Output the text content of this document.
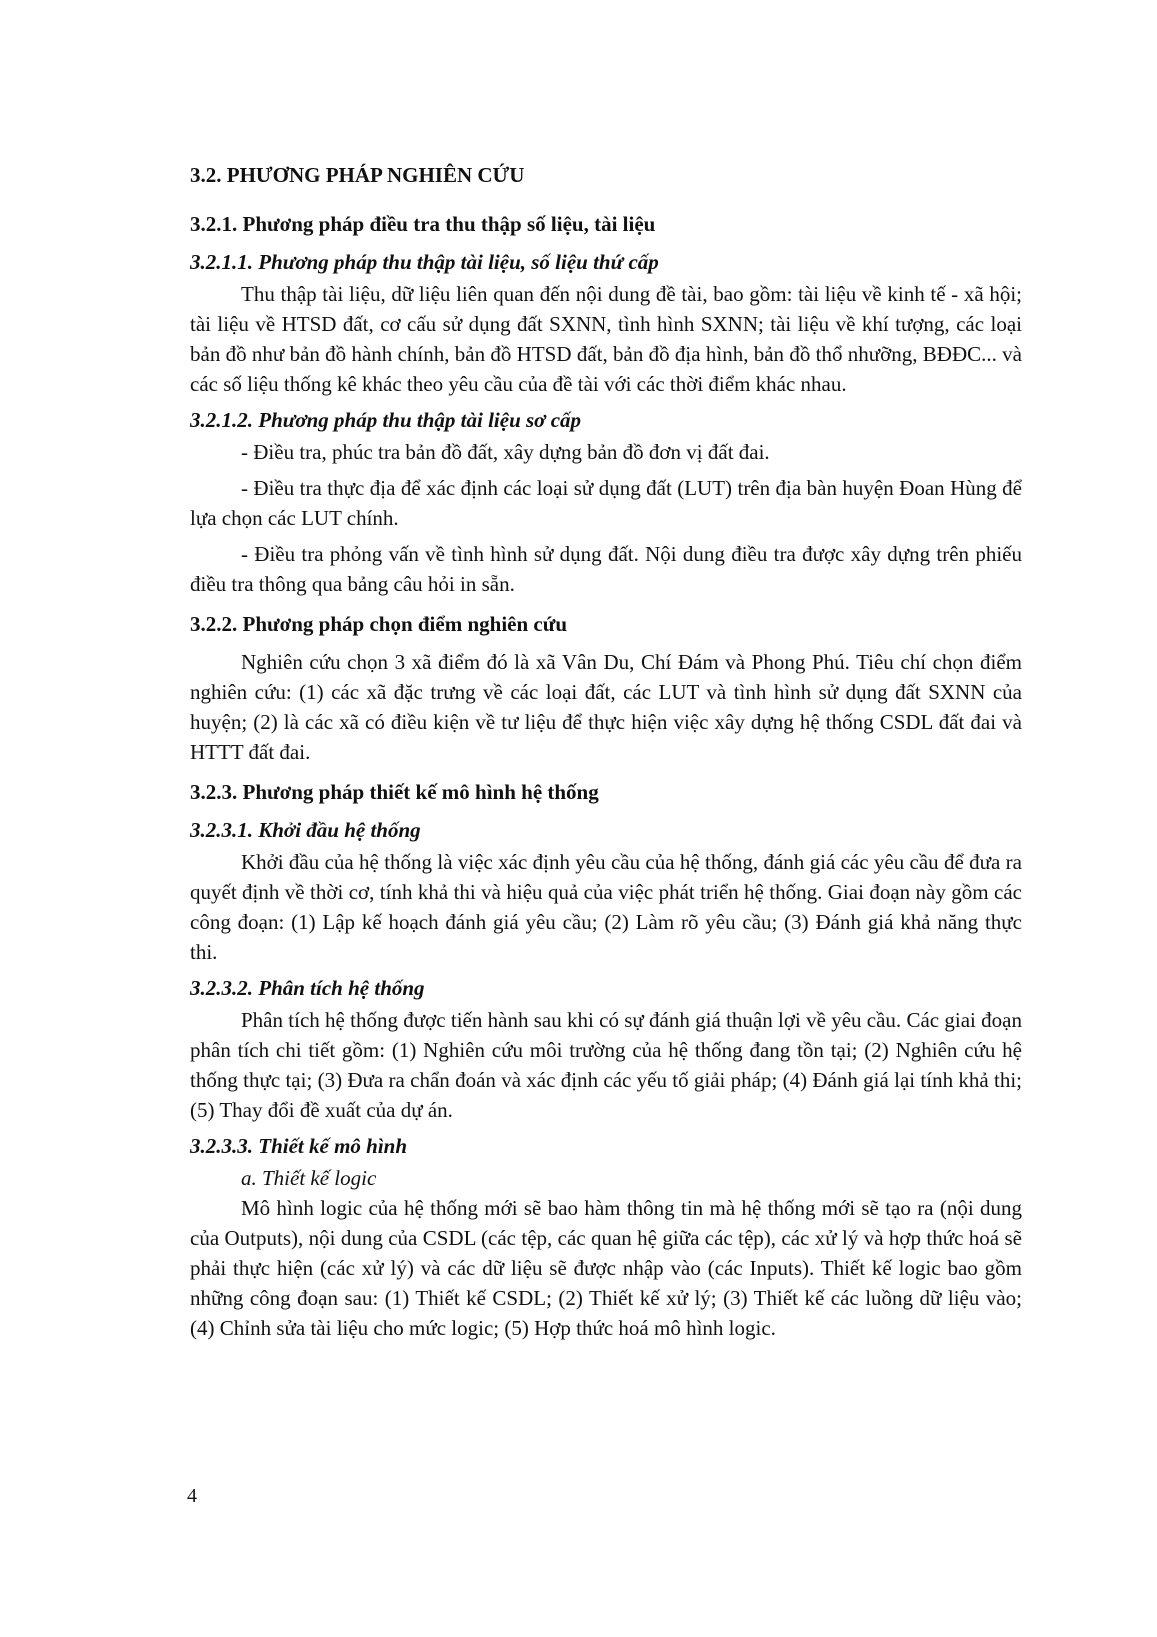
3.2. PHƯƠNG PHÁP NGHIÊN CỨU
3.2.1. Phương pháp điều tra thu thập số liệu, tài liệu
3.2.1.1. Phương pháp thu thập tài liệu, số liệu thứ cấp

Thu thập tài liệu, dữ liệu liên quan đến nội dung đề tài, bao gồm: tài liệu về kinh tế - xã hội; tài liệu về HTSD đất, cơ cấu sử dụng đất SXNN, tình hình SXNN; tài liệu về khí tượng, các loại bản đồ như bản đồ hành chính, bản đồ HTSD đất, bản đồ địa hình, bản đồ thổ nhưỡng, BĐĐC... và các số liệu thống kê khác theo yêu cầu của đề tài với các thời điểm khác nhau.

3.2.1.2. Phương pháp thu thập tài liệu sơ cấp

- Điều tra, phúc tra bản đồ đất, xây dựng bản đồ đơn vị đất đai.

- Điều tra thực địa để xác định các loại sử dụng đất (LUT) trên địa bàn huyện Đoan Hùng để lựa chọn các LUT chính.

- Điều tra phỏng vấn về tình hình sử dụng đất. Nội dung điều tra được xây dựng trên phiếu điều tra thông qua bảng câu hỏi in sẵn.

3.2.2. Phương pháp chọn điểm nghiên cứu

Nghiên cứu chọn 3 xã điểm đó là xã Vân Du, Chí Đám và Phong Phú. Tiêu chí chọn điểm nghiên cứu: (1) các xã đặc trưng về các loại đất, các LUT và tình hình sử dụng đất SXNN của huyện; (2) là các xã có điều kiện về tư liệu để thực hiện việc xây dựng hệ thống CSDL đất đai và HTTT đất đai.

3.2.3. Phương pháp thiết kế mô hình hệ thống
3.2.3.1. Khởi đầu hệ thống

Khởi đầu của hệ thống là việc xác định yêu cầu của hệ thống, đánh giá các yêu cầu để đưa ra quyết định về thời cơ, tính khả thi và hiệu quả của việc phát triển hệ thống. Giai đoạn này gồm các công đoạn: (1) Lập kế hoạch đánh giá yêu cầu; (2) Làm rõ yêu cầu; (3) Đánh giá khả năng thực thi.

3.2.3.2. Phân tích hệ thống

Phân tích hệ thống được tiến hành sau khi có sự đánh giá thuận lợi về yêu cầu. Các giai đoạn phân tích chi tiết gồm: (1) Nghiên cứu môi trường của hệ thống đang tồn tại; (2) Nghiên cứu hệ thống thực tại; (3) Đưa ra chẩn đoán và xác định các yếu tố giải pháp; (4) Đánh giá lại tính khả thi; (5) Thay đổi đề xuất của dự án.

3.2.3.3. Thiết kế mô hình

a. Thiết kế logic

Mô hình logic của hệ thống mới sẽ bao hàm thông tin mà hệ thống mới sẽ tạo ra (nội dung của Outputs), nội dung của CSDL (các tệp, các quan hệ giữa các tệp), các xử lý và hợp thức hoá sẽ phải thực hiện (các xử lý) và các dữ liệu sẽ được nhập vào (các Inputs). Thiết kế logic bao gồm những công đoạn sau: (1) Thiết kế CSDL; (2) Thiết kế xử lý; (3) Thiết kế các luồng dữ liệu vào; (4) Chỉnh sửa tài liệu cho mức logic; (5) Hợp thức hoá mô hình logic.

4
